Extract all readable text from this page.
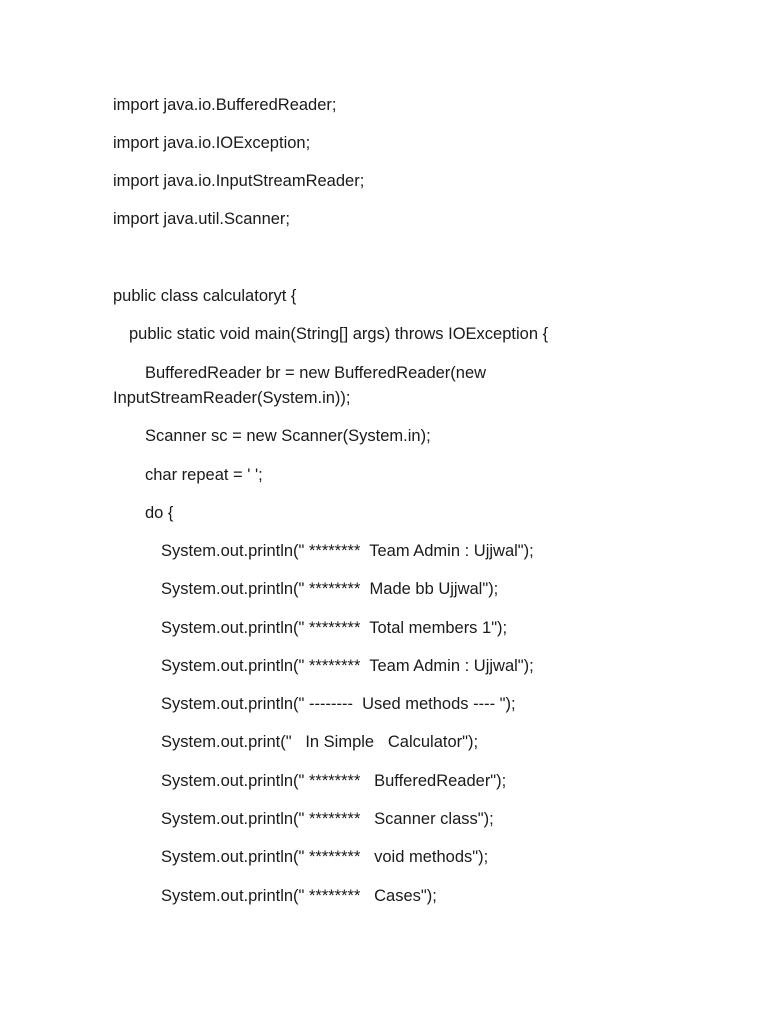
import java.io.BufferedReader;
import java.io.IOException;
import java.io.InputStreamReader;
import java.util.Scanner;
public class calculatoryt {
public static void main(String[] args) throws IOException {
BufferedReader br = new BufferedReader(new
InputStreamReader(System.in));
Scanner sc = new Scanner(System.in);
char repeat = ' ';
do {
System.out.println(" ********  Team Admin : Ujjwal");
System.out.println(" ********  Made bb Ujjwal");
System.out.println(" ********  Total members 1");
System.out.println(" ********  Team Admin : Ujjwal");
System.out.println(" --------  Used methods ---- ");
System.out.print("   In Simple   Calculator");
System.out.println(" ********   BufferedReader");
System.out.println(" ********   Scanner class");
System.out.println(" ********   void methods");
System.out.println(" ********   Cases");
